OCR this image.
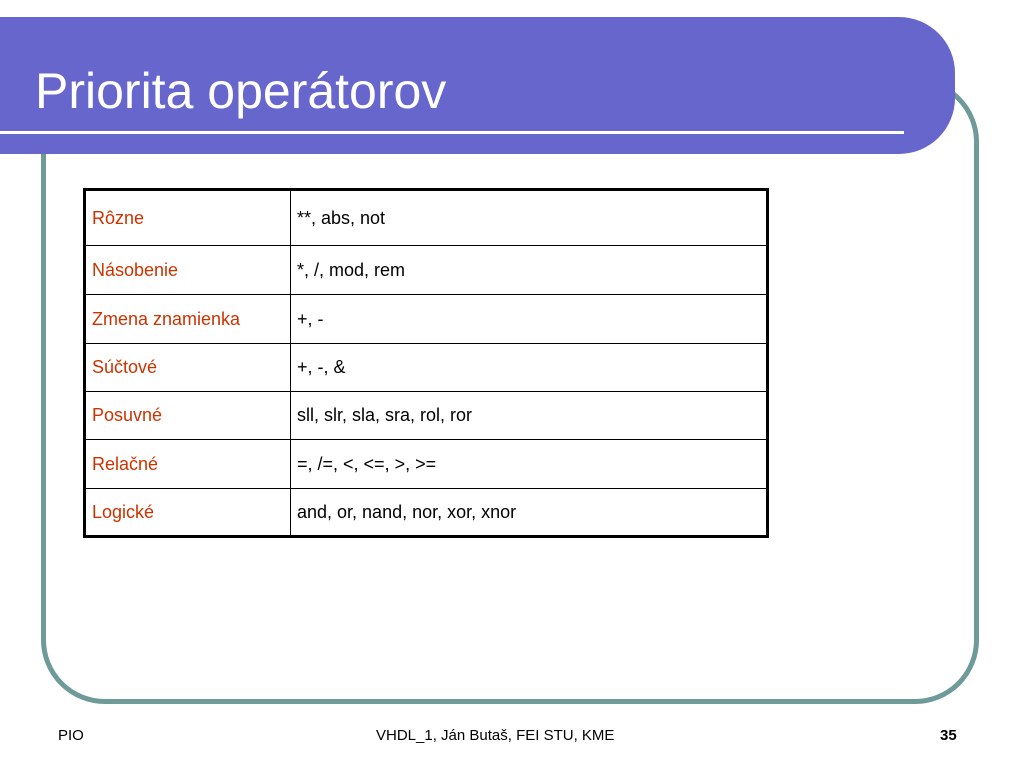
Priorita operátorov
Rôzne	**, abs, not
Násobenie	*, /, mod, rem
Zmena znamienka	+, -
Súčtové	+, -, &
Posuvné	sll, slr, sla, sra, rol, ror
Relačné	=, /=, <, <=, >, >=
Logické	and, or, nand, nor, xor, xnor
PIO	VHDL_1, Ján Butaš, FEI STU, KME	35
